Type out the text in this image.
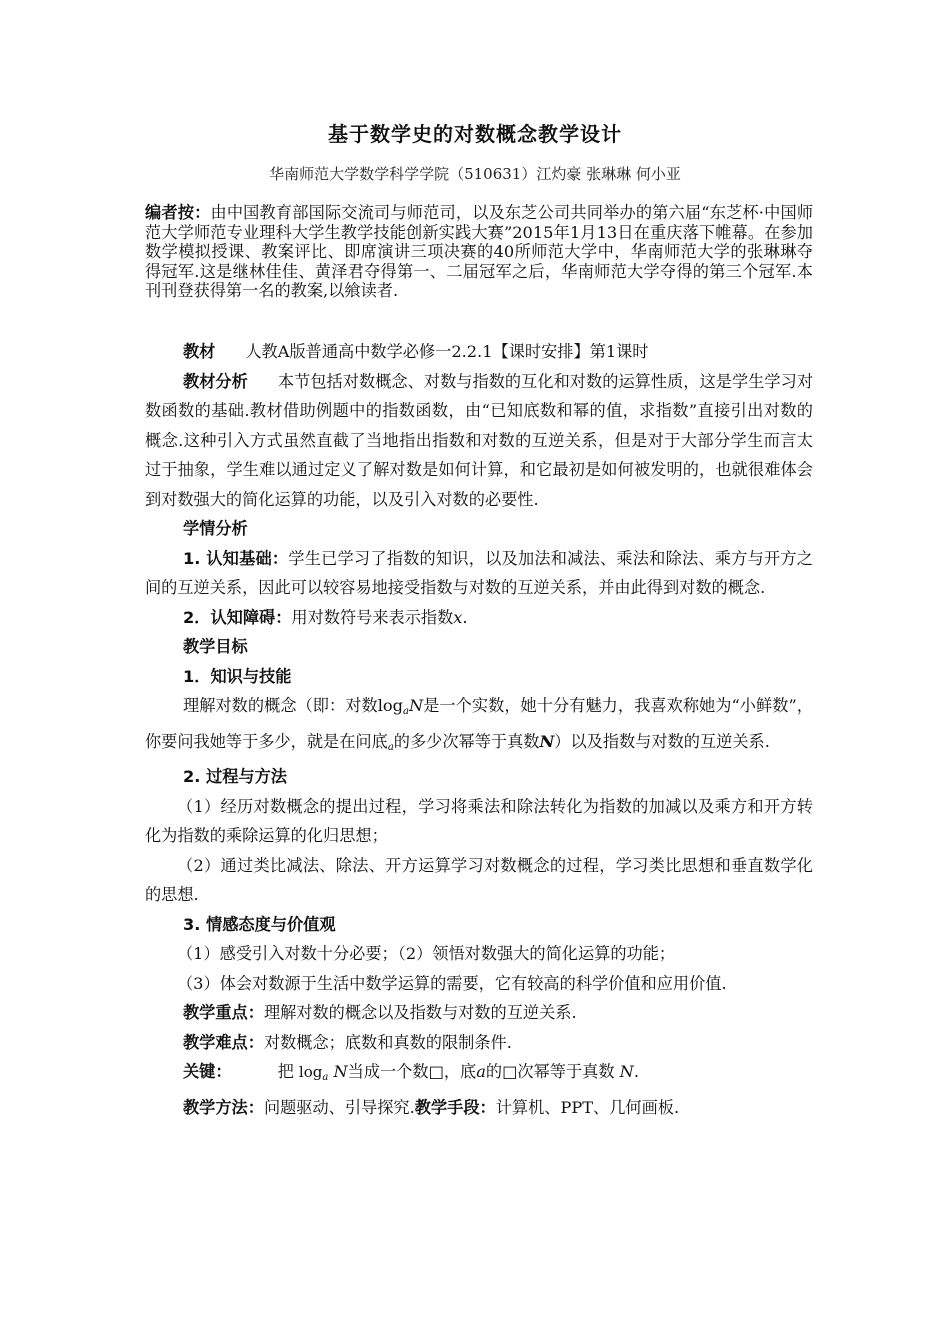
基于数学史的对数概念教学设计
华南师范大学数学科学学院（510631）江灼豪 张琳琳 何小亚
编者按：由中国教育部国际交流司与师范司，以及东芝公司共同举办的第六届“东芝杯·中国师范大学师范专业理科大学生教学技能创新实践大赛”2015年1月13日在重庆落下帷幕。在参加数学模拟授课、教案评比、即席演讲三项决赛的40所师范大学中，华南师范大学的张琳琳夺得冠军.这是继林佳佳、黄泽君夺得第一、二届冠军之后，华南师范大学夺得的第三个冠军.本刊刊登获得第一名的教案,以飨读者.

教材 人教A版普通高中数学必修一2.2.1【课时安排】第1课时

教材分析 本节包括对数概念、对数与指数的互化和对数的运算性质，这是学生学习对数函数的基础.教材借助例题中的指数函数，由“已知底数和幂的值，求指数”直接引出对数的概念.这种引入方式虽然直截了当地指出指数和对数的互逆关系，但是对于大部分学生而言太过于抽象，学生难以通过定义了解对数是如何计算，和它最初是如何被发明的，也就很难体会到对数强大的简化运算的功能，以及引入对数的必要性.

学情分析

1. 认知基础：学生已学习了指数的知识，以及加法和减法、乘法和除法、乘方与开方之间的互逆关系，因此可以较容易地接受指数与对数的互逆关系，并由此得到对数的概念.

2．认知障碍：用对数符号来表示指数x.

教学目标

1．知识与技能

理解对数的概念（即：对数$\log_aN$是一个实数，她十分有魅力，我喜欢称她为“小鲜数”，你要问我她等于多少，就是在问底$_a$的多少次幂等于真数N）以及指数与对数的互逆关系.

2. 过程与方法

（1）经历对数概念的提出过程，学习将乘法和除法转化为指数的加减以及乘方和开方转化为指数的乘除运算的化归思想；

（2）通过类比减法、除法、开方运算学习对数概念的过程，学习类比思想和垂直数学化的思想.

3. 情感态度与价值观

（1）感受引入对数十分必要；（2）领悟对数强大的简化运算的功能；

（3）体会对数源于生活中数学运算的需要，它有较高的科学价值和应用价值.

教学重点：理解对数的概念以及指数与对数的互逆关系.

教学难点：对数概念；底数和真数的限制条件.

关键：	把 $\log_a N$当成一个数□，底a的□次幂等于真数 N.

教学方法：问题驱动、引导探究.教学手段：计算机、PPT、几何画板.
